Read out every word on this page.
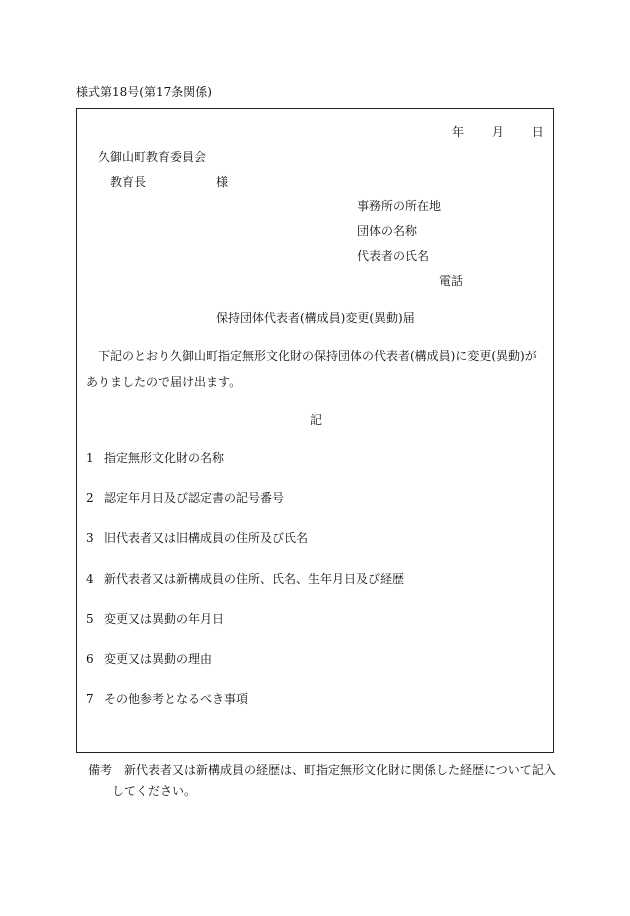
様式第18号(第17条関係)
年 月 日
久御山町教育委員会
教育長	様
事務所の所在地
団体の名称
代表者の氏名
電話
保持団体代表者(構成員)変更(異動)届
下記のとおり久御山町指定無形文化財の保持団体の代表者(構成員)に変更(異動)が
ありましたので届け出ます。
記
1 指定無形文化財の名称
2 認定年月日及び認定書の記号番号
3 旧代表者又は旧構成員の住所及び氏名
4 新代表者又は新構成員の住所、氏名、生年月日及び経歴
5 変更又は異動の年月日
6 変更又は異動の理由
7 その他参考となるべき事項
備考 新代表者又は新構成員の経歴は、町指定無形文化財に関係した経歴について記入
してください。
